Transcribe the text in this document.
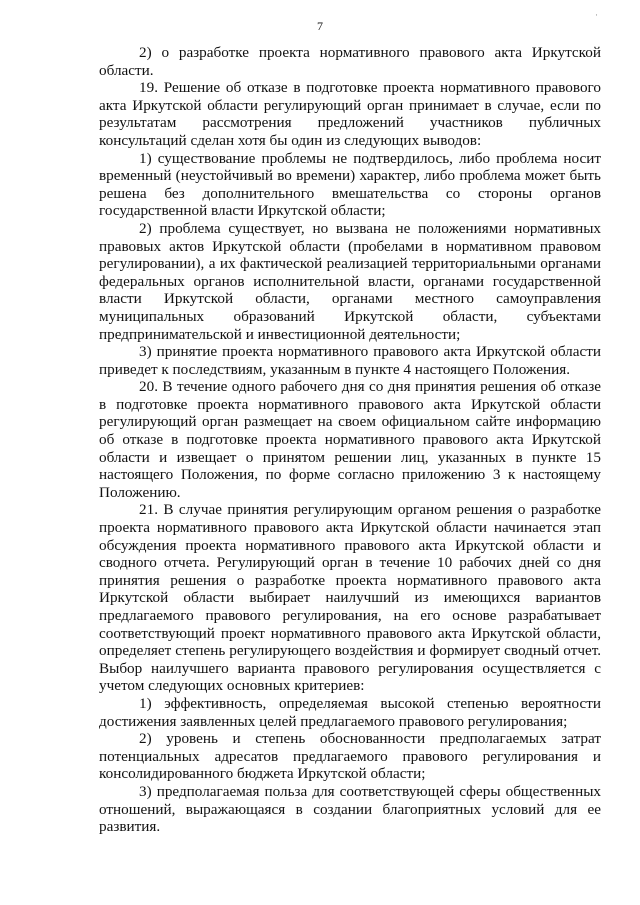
7
·

2) о разработке проекта нормативного правового акта Иркутской области.

19. Решение об отказе в подготовке проекта нормативного правового акта Иркутской области регулирующий орган принимает в случае, если по результатам рассмотрения предложений участников публичных консультаций сделан хотя бы один из следующих выводов:

1) существование проблемы не подтвердилось, либо проблема носит временный (неустойчивый во времени) характер, либо проблема может быть решена без дополнительного вмешательства со стороны органов государственной власти Иркутской области;

2) проблема существует, но вызвана не положениями нормативных правовых актов Иркутской области (пробелами в нормативном правовом регулировании), а их фактической реализацией территориальными органами федеральных органов исполнительной власти, органами государственной власти Иркутской области, органами местного самоуправления муниципальных образований Иркутской области, субъектами предпринимательской и инвестиционной деятельности;

3) принятие проекта нормативного правового акта Иркутской области приведет к последствиям, указанным в пункте 4 настоящего Положения.

20. В течение одного рабочего дня со дня принятия решения об отказе в подготовке проекта нормативного правового акта Иркутской области регулирующий орган размещает на своем официальном сайте информацию об отказе в подготовке проекта нормативного правового акта Иркутской области и извещает о принятом решении лиц, указанных в пункте 15 настоящего Положения, по форме согласно приложению 3 к настоящему Положению.

21. В случае принятия регулирующим органом решения о разработке проекта нормативного правового акта Иркутской области начинается этап обсуждения проекта нормативного правового акта Иркутской области и сводного отчета. Регулирующий орган в течение 10 рабочих дней со дня принятия решения о разработке проекта нормативного правового акта Иркутской области выбирает наилучший из имеющихся вариантов предлагаемого правового регулирования, на его основе разрабатывает соответствующий проект нормативного правового акта Иркутской области, определяет степень регулирующего воздействия и формирует сводный отчет. Выбор наилучшего варианта правового регулирования осуществляется с учетом следующих основных критериев:

1) эффективность, определяемая высокой степенью вероятности достижения заявленных целей предлагаемого правового регулирования;

2) уровень и степень обоснованности предполагаемых затрат потенциальных адресатов предлагаемого правового регулирования и консолидированного бюджета Иркутской области;

3) предполагаемая польза для соответствующей сферы общественных отношений, выражающаяся в создании благоприятных условий для ее развития.
